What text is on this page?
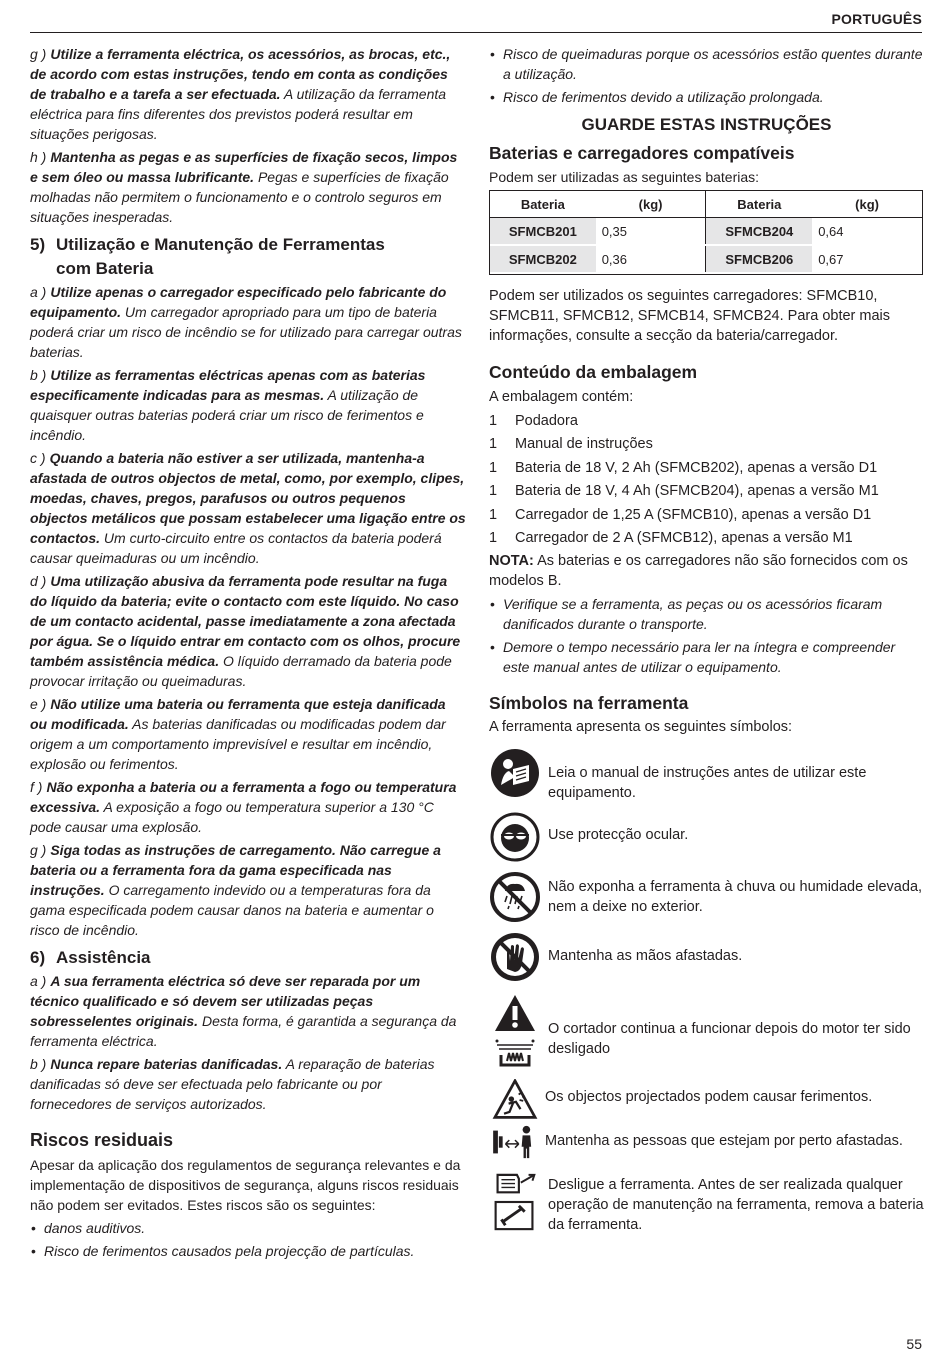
PORTUGUÊS

g ) Utilize a ferramenta eléctrica, os acessórios, as brocas, etc., de acordo com estas instruções, tendo em conta as condições de trabalho e a tarefa a ser efectuada. A utilização da ferramenta eléctrica para fins diferentes dos previstos poderá resultar em situações perigosas.

h ) Mantenha as pegas e as superfícies de fixação secos, limpos e sem óleo ou massa lubrificante. Pegas e superfícies de fixação molhadas não permitem o funcionamento e o controlo seguros em situações inesperadas.

5) Utilização e Manutenção de Ferramentas
com Bateria

a ) Utilize apenas o carregador especificado pelo fabricante do equipamento. Um carregador apropriado para um tipo de bateria poderá criar um risco de incêndio se for utilizado para carregar outras baterias.

b ) Utilize as ferramentas eléctricas apenas com as baterias especificamente indicadas para as mesmas. A utilização de quaisquer outras baterias poderá criar um risco de ferimentos e incêndio.

c ) Quando a bateria não estiver a ser utilizada, mantenha-a afastada de outros objectos de metal, como, por exemplo, clipes, moedas, chaves, pregos, parafusos ou outros pequenos objectos metálicos que possam estabelecer uma ligação entre os contactos. Um curto-circuito entre os contactos da bateria poderá causar queimaduras ou um incêndio.

d ) Uma utilização abusiva da ferramenta pode resultar na fuga do líquido da bateria; evite o contacto com este líquido. No caso de um contacto acidental, passe imediatamente a zona afectada por água. Se o líquido entrar em contacto com os olhos, procure também assistência médica. O líquido derramado da bateria pode provocar irritação ou queimaduras.

e ) Não utilize uma bateria ou ferramenta que esteja danificada ou modificada. As baterias danificadas ou modificadas podem dar origem a um comportamento imprevisível e resultar em incêndio, explosão ou ferimentos.

f ) Não exponha a bateria ou a ferramenta a fogo ou temperatura excessiva. A exposição a fogo ou temperatura superior a 130 °C pode causar uma explosão.

g ) Siga todas as instruções de carregamento. Não carregue a bateria ou a ferramenta fora da gama especificada nas instruções. O carregamento indevido ou a temperaturas fora da gama especificada podem causar danos na bateria e aumentar o risco de incêndio.

6) Assistência

a ) A sua ferramenta eléctrica só deve ser reparada por um técnico qualificado e só devem ser utilizadas peças sobresselentes originais. Desta forma, é garantida a segurança da ferramenta eléctrica.

b ) Nunca repare baterias danificadas. A reparação de baterias danificadas só deve ser efectuada pelo fabricante ou por fornecedores de serviços autorizados.

Riscos residuais

Apesar da aplicação dos regulamentos de segurança relevantes e da implementação de dispositivos de segurança, alguns riscos residuais não podem ser evitados. Estes riscos são os seguintes:

• danos auditivos.
• Risco de ferimentos causados pela projecção de partículas.
• Risco de queimaduras porque os acessórios estão quentes durante a utilização.
• Risco de ferimentos devido a utilização prolongada.
GUARDE ESTAS INSTRUÇÕES
Baterias e carregadores compatíveis

Podem ser utilizadas as seguintes baterias:

Bateria	(kg)	Bateria	(kg)
SFMCB201	0,35	SFMCB204	0,64
SFMCB202	0,36	SFMCB206	0,67

Podem ser utilizados os seguintes carregadores: SFMCB10, SFMCB11, SFMCB12, SFMCB14, SFMCB24. Para obter mais informações, consulte a secção da bateria/carregador.

Conteúdo da embalagem
A embalagem contém:
1 Podadora
1 Manual de instruções
1 Bateria de 18 V, 2 Ah (SFMCB202), apenas a versão D1
1 Bateria de 18 V, 4 Ah (SFMCB204), apenas a versão M1
1 Carregador de 1,25 A (SFMCB10), apenas a versão D1
1 Carregador de 2 A (SFMCB12), apenas a versão M1

NOTA: As baterias e os carregadores não são fornecidos com os modelos B.

• Verifique se a ferramenta, as peças ou os acessórios ficaram danificados durante o transporte.
• Demore o tempo necessário para ler na íntegra e compreender este manual antes de utilizar o equipamento.
Símbolos na ferramenta

A ferramenta apresenta os seguintes símbolos:

Leia o manual de instruções antes de utilizar este equipamento.
Use protecção ocular.
Não exponha a ferramenta à chuva ou humidade elevada, nem a deixe no exterior.
Mantenha as mãos afastadas.
O cortador continua a funcionar depois do motor ter sido desligado
Os objectos projectados podem causar ferimentos.
Mantenha as pessoas que estejam por perto afastadas.
Desligue a ferramenta. Antes de ser realizada qualquer operação de manutenção na ferramenta, remova a bateria da ferramenta.
55
